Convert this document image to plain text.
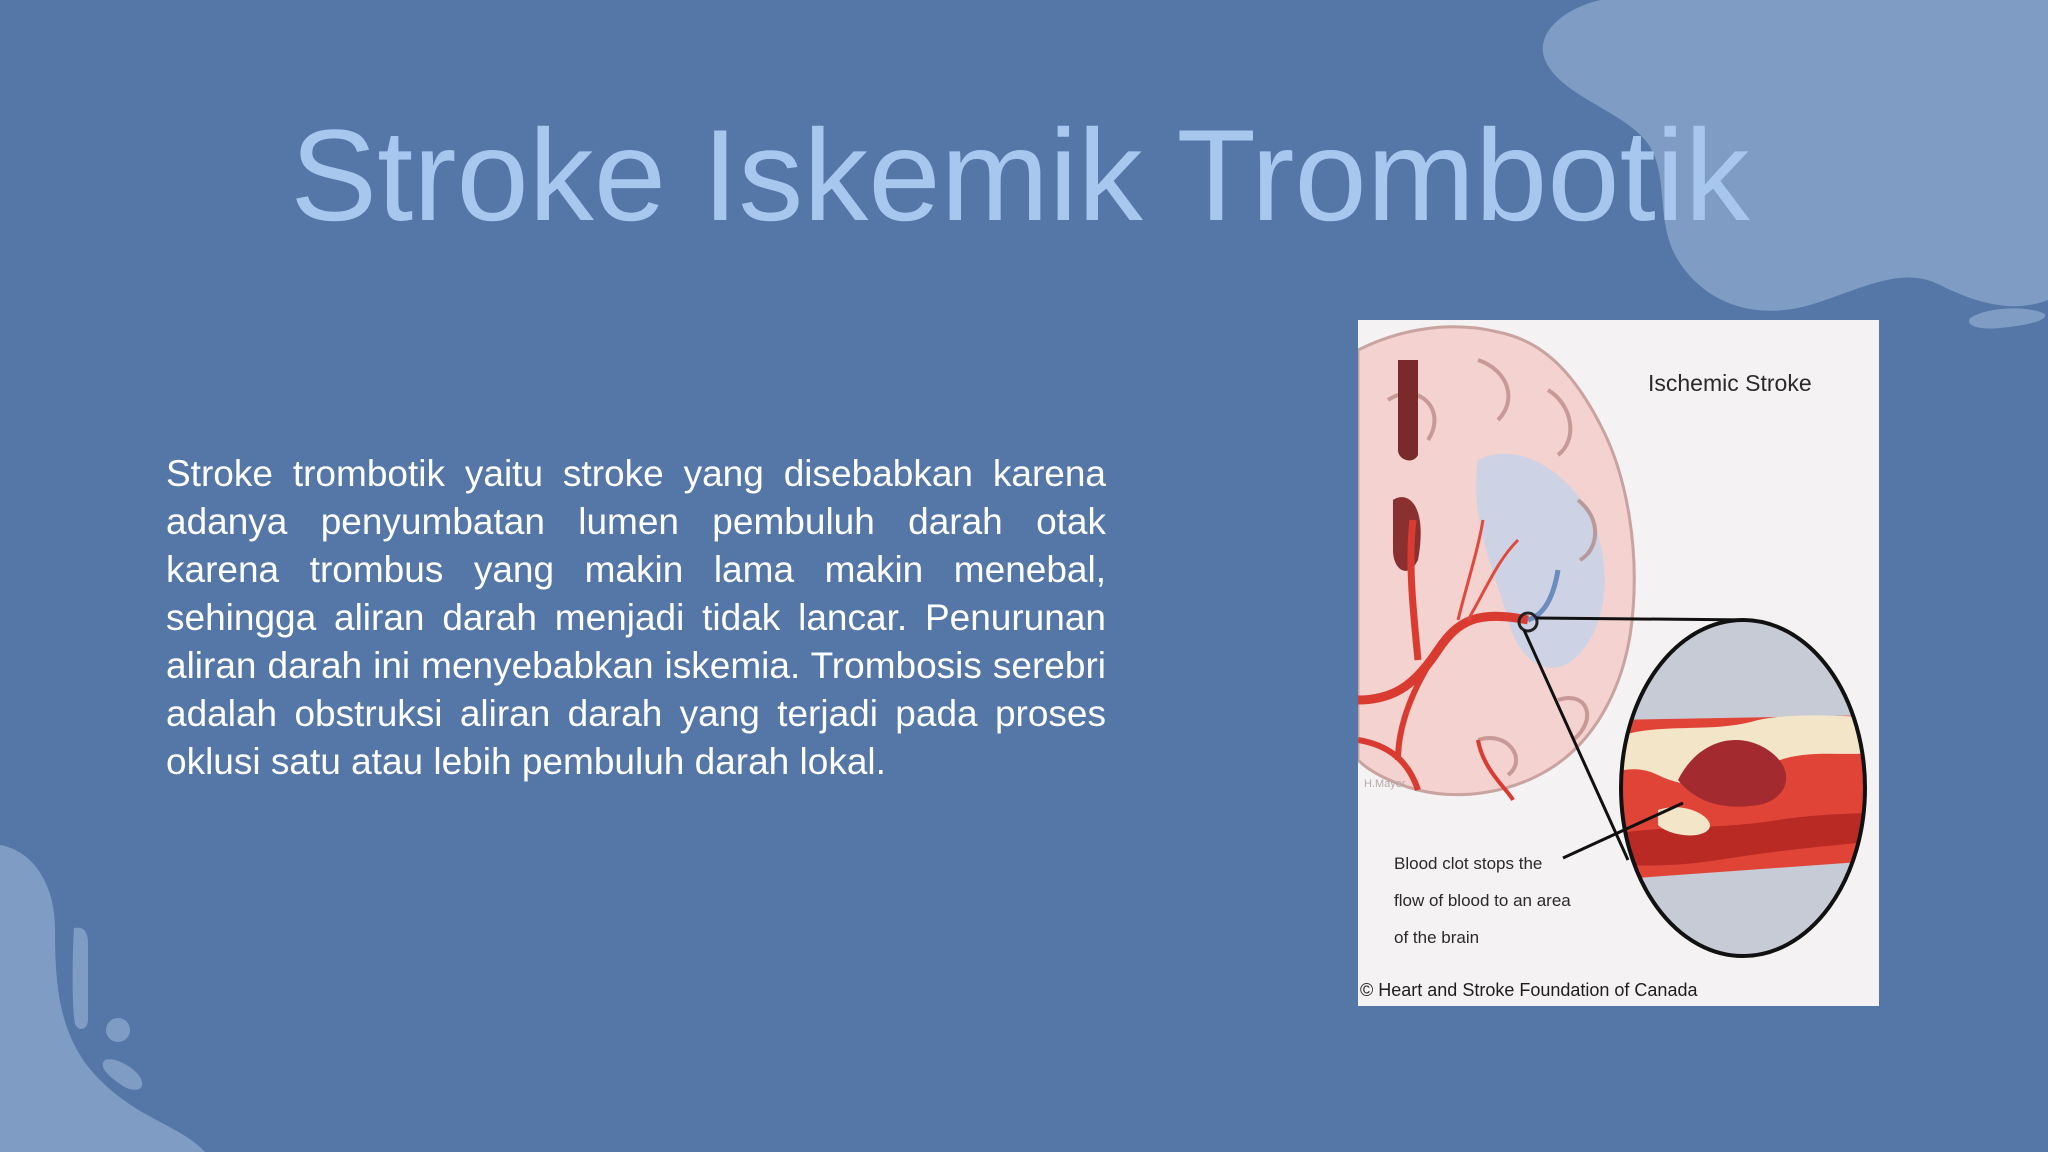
Stroke Iskemik Trombotik

Stroke trombotik yaitu stroke yang disebabkan karena adanya penyumbatan lumen pembuluh darah otak karena trombus yang makin lama makin menebal, sehingga aliran darah menjadi tidak lancar. Penurunan aliran darah ini menyebabkan iskemia. Trombosis serebri adalah obstruksi aliran darah yang terjadi pada proses oklusi satu atau lebih pembuluh darah lokal.

Ischemic Stroke
H.Mayer
Blood clot stops the
flow of blood to an area
of the brain
© Heart and Stroke Foundation of Canada
